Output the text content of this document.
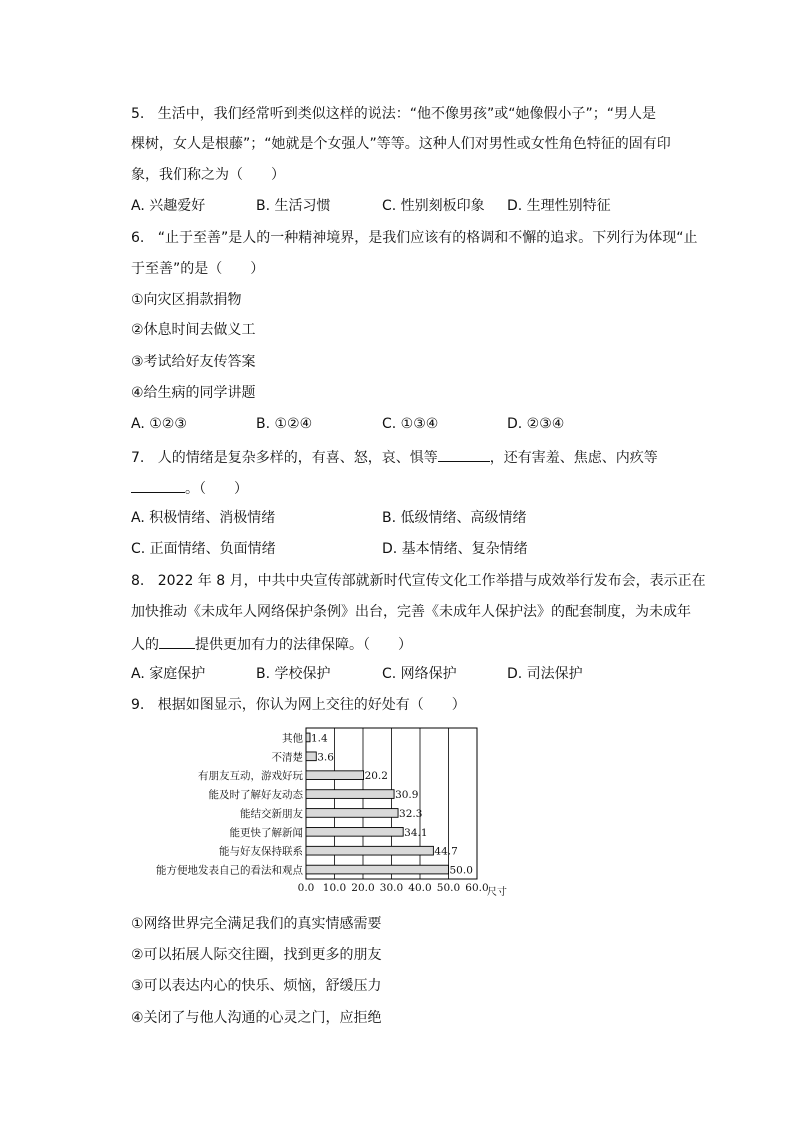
5. 生活中，我们经常听到类似这样的说法：“他不像男孩”或“她像假小子”；“男人是
棵树，女人是根藤”；“她就是个女强人”等等。这种人们对男性或女性角色特征的固有印
象，我们称之为（　　）
A. 兴趣爱好	B. 生活习惯	C. 性别刻板印象 D. 生理性别特征
6. “止于至善”是人的一种精神境界，是我们应该有的格调和不懈的追求。下列行为体现“止
于至善”的是（　　）
①向灾区捐款捐物
②休息时间去做义工
③考试给好友传答案
④给生病的同学讲题
A. ①②③	B. ①②④	C. ①③④	D. ②③④
7. 人的情绪是复杂多样的，有喜、怒，哀、惧等	，还有害羞、焦虑、内疚等
。（　　）
A. 积极情绪、消极情绪	B. 低级情绪、高级情绪
C. 正面情绪、负面情绪	D. 基本情绪、复杂情绪
8. 2022 年 8 月，中共中央宣传部就新时代宣传文化工作举措与成效举行发布会，表示正在
加快推动《未成年人网络保护条例》出台，完善《未成年人保护法》的配套制度，为未成年
人的	提供更加有力的法律保障。（　　）
A. 家庭保护	B. 学校保护	C. 网络保护	D. 司法保护
9. 根据如图显示，你认为网上交往的好处有（　　）
0.0 10.0 20.0 30.0 40.0 50.0 60.0
尺寸
其他 1.4
不清楚 3.6
有朋友互动，游戏好玩	20.2
能及时了解好友动态	30.9
能结交新朋友	32.3
能更快了解新闻	34.1
能与好友保持联系	44.7
能方便地发表自己的看法和观点	50.0
①网络世界完全满足我们的真实情感需要
②可以拓展人际交往圈，找到更多的朋友
③可以表达内心的快乐、烦恼，舒缓压力
④关闭了与他人沟通的心灵之门，应拒绝
